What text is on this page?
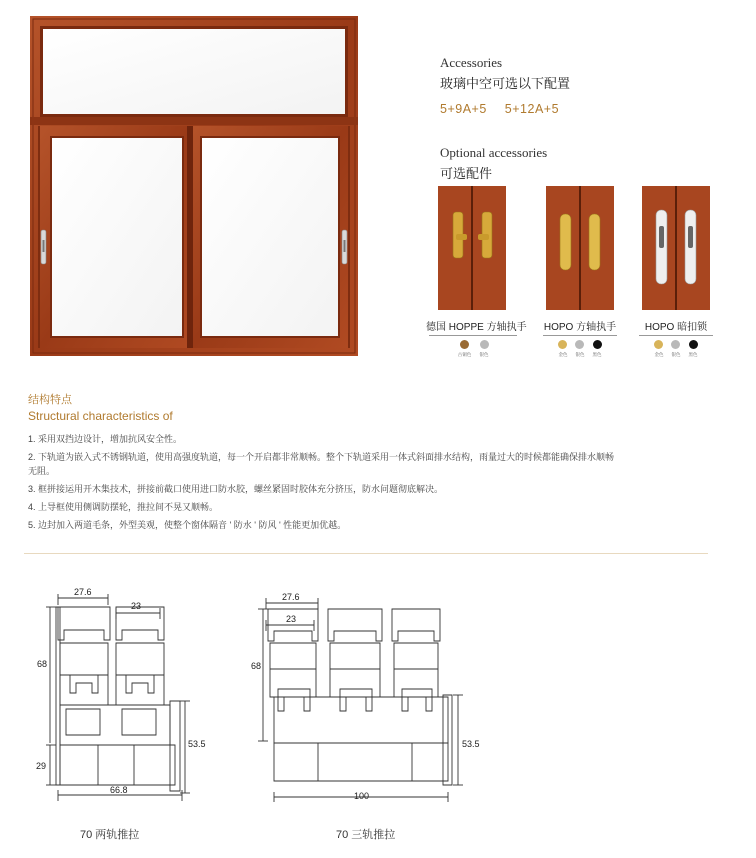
Accessories
玻璃中空可选以下配置
5+9A+5 5+12A+5
Optional accessories
可选配件
德国 HOPPE 方轴执手
古铜色 银色
HOPO 方轴执手
金色 银色 黑色
HOPO 暗扣锁
金色 银色 黑色
结构特点
Structural characteristics of
1. 采用双挡边设计，增加抗风安全性。
2. 下轨道为嵌入式不锈钢轨道，使用高强度轨道，每一个开启都非常顺畅。整个下轨道采用一体式斜面排水结构，雨量过大的时候都能确保排水顺畅无阻。
3. 框拼接运用开木集技术，拼接前截口使用进口防水胶，螺丝紧固时胶体充分挤压，防水问题彻底解决。
4. 上导框使用侧调防摆轮，推拉间不晃又顺畅。
5. 边封加入两道毛条，外型美观，使整个窗体隔音 ' 防水 ' 防风 ' 性能更加优越。
27.6
23
68
29
53.5
66.8
70 两轨推拉
27.6
23
68
53.5
100
70 三轨推拉
